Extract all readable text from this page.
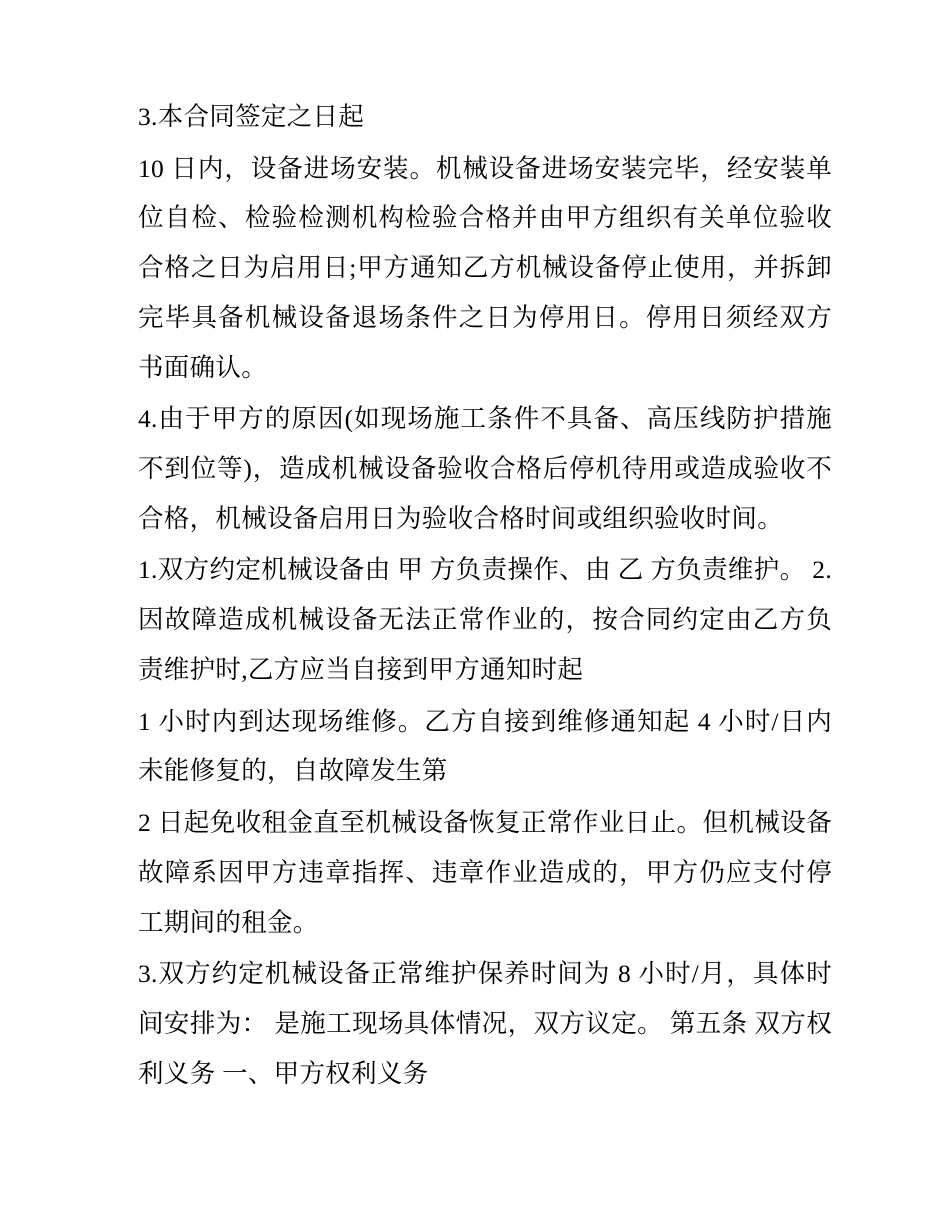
3.本合同签定之日起

10 日内，设备进场安装。机械设备进场安装完毕，经安装单位自检、检验检测机构检验合格并由甲方组织有关单位验收合格之日为启用日;甲方通知乙方机械设备停止使用，并拆卸完毕具备机械设备退场条件之日为停用日。停用日须经双方书面确认。

4.由于甲方的原因(如现场施工条件不具备、高压线防护措施不到位等)，造成机械设备验收合格后停机待用或造成验收不合格，机械设备启用日为验收合格时间或组织验收时间。

1.双方约定机械设备由 甲 方负责操作、由 乙 方负责维护。 2.因故障造成机械设备无法正常作业的，按合同约定由乙方负责维护时,乙方应当自接到甲方通知时起

1 小时内到达现场维修。乙方自接到维修通知起 4 小时/日内未能修复的，自故障发生第

2 日起免收租金直至机械设备恢复正常作业日止。但机械设备故障系因甲方违章指挥、违章作业造成的，甲方仍应支付停工期间的租金。

3.双方约定机械设备正常维护保养时间为 8 小时/月，具体时间安排为： 是施工现场具体情况，双方议定。 第五条 双方权利义务 一、甲方权利义务
